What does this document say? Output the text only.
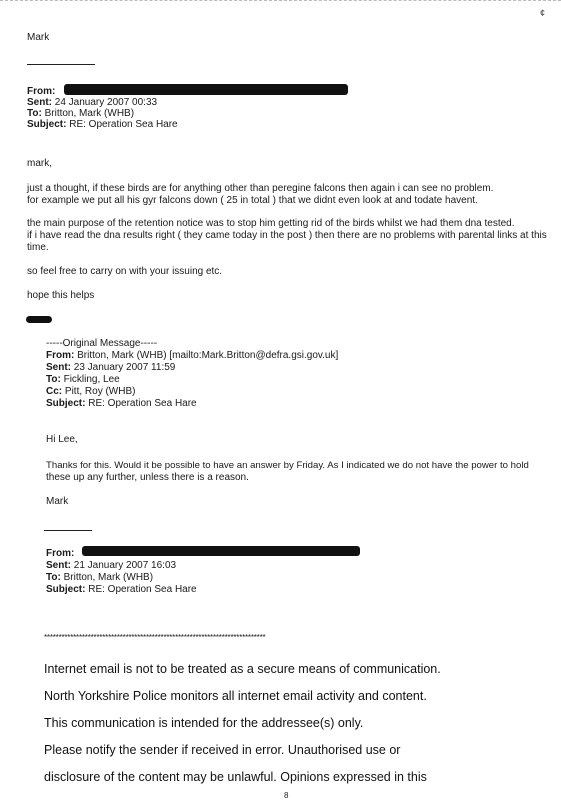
¢
Mark
From:
Sent: 24 January 2007 00:33
To: Britton, Mark (WHB)
Subject: RE: Operation Sea Hare
mark,
just a thought, if these birds are for anything other than peregine falcons then again i can see no problem.
for example we put all his gyr falcons down ( 25 in total ) that we didnt even look at and todate havent.
the main purpose of the retention notice was to stop him getting rid of the birds whilst we had them dna tested.
if i have read the dna results right ( they came today in the post ) then there are no problems with parental links at this
time.
so feel free to carry on with your issuing etc.
hope this helps
-----Original Message-----
From: Britton, Mark (WHB) [mailto:Mark.Britton@defra.gsi.gov.uk]
Sent: 23 January 2007 11:59
To: Fickling, Lee
Cc: Pitt, Roy (WHB)
Subject: RE: Operation Sea Hare
Hi Lee,
Thanks for this. Would it be possible to have an answer by Friday. As I indicated we do not have the power to hold
these up any further, unless there is a reason.
Mark
From:
Sent: 21 January 2007 16:03
To: Britton, Mark (WHB)
Subject: RE: Operation Sea Hare
****************************************************************************
Internet email is not to be treated as a secure means of communication.
North Yorkshire Police monitors all internet email activity and content.
This communication is intended for the addressee(s) only.
Please notify the sender if received in error. Unauthorised use or
disclosure of the content may be unlawful. Opinions expressed in this
8
